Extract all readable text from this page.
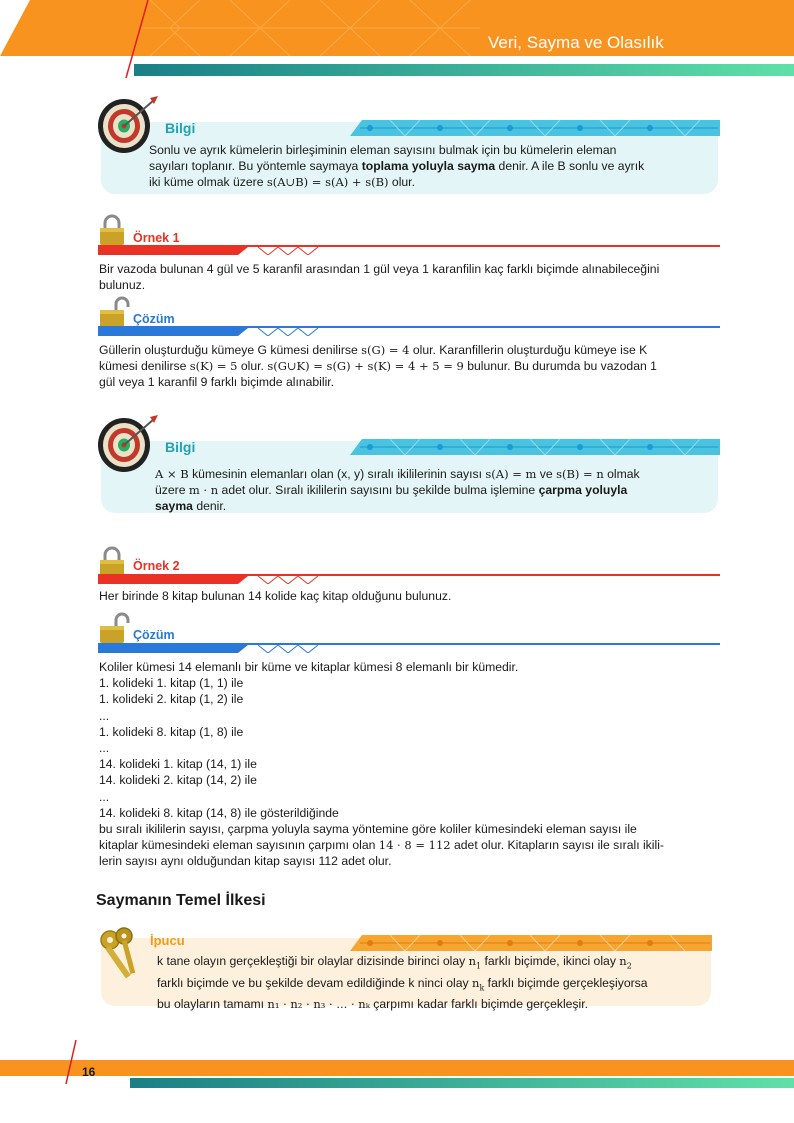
Veri, Sayma ve Olasılık
Bilgi

Sonlu ve ayrık kümelerin birleşiminin eleman sayısını bulmak için bu kümelerin eleman

sayıları toplanır. Bu yöntemle saymaya toplama yoluyla sayma denir. A ile B sonlu ve ayrık

iki küme olmak üzere s(A∪B) = s(A) + s(B) olur.

Örnek 1

Bir vazoda bulunan 4 gül ve 5 karanfil arasından 1 gül veya 1 karanfilin kaç farklı biçimde alınabileceğini

bulunuz.

Çözüm

Güllerin oluşturduğu kümeye G kümesi denilirse s(G) = 4 olur. Karanfillerin oluşturduğu kümeye ise K

kümesi denilirse s(K) = 5 olur. s(G∪K) = s(G) + s(K) = 4 + 5 = 9 bulunur. Bu durumda bu vazodan 1

gül veya 1 karanfil 9 farklı biçimde alınabilir.

Bilgi

A × B kümesinin elemanları olan (x, y) sıralı ikililerinin sayısı s(A) = m ve s(B) = n olmak

üzere m · n adet olur. Sıralı ikililerin sayısını bu şekilde bulma işlemine çarpma yoluyla

sayma denir.

Örnek 2
Her birinde 8 kitap bulunan 14 kolide kaç kitap olduğunu bulunuz.
Çözüm

Koliler kümesi 14 elemanlı bir küme ve kitaplar kümesi 8 elemanlı bir kümedir.

1. kolideki 1. kitap (1, 1) ile

1. kolideki 2. kitap (1, 2) ile

...

1. kolideki 8. kitap (1, 8) ile

...

14. kolideki 1. kitap (14, 1) ile

14. kolideki 2. kitap (14, 2) ile

...

14. kolideki 8. kitap (14, 8) ile gösterildiğinde

bu sıralı ikililerin sayısı, çarpma yoluyla sayma yöntemine göre koliler kümesindeki eleman sayısı ile

kitaplar kümesindeki eleman sayısının çarpımı olan 14 · 8 = 112 adet olur. Kitapların sayısı ile sıralı ikili-

lerin sayısı aynı olduğundan kitap sayısı 112 adet olur.

Saymanın Temel İlkesi
İpucu

k tane olayın gerçekleştiği bir olaylar dizisinde birinci olay $n_1$ farklı biçimde, ikinci olay $n_2$

farklı biçimde ve bu şekilde devam edildiğinde k ninci olay $n_k$ farklı biçimde gerçekleşiyorsa

bu olayların tamamı n₁ · n₂ · n₃ · ... · nₖ çarpımı kadar farklı biçimde gerçekleşir.

16
